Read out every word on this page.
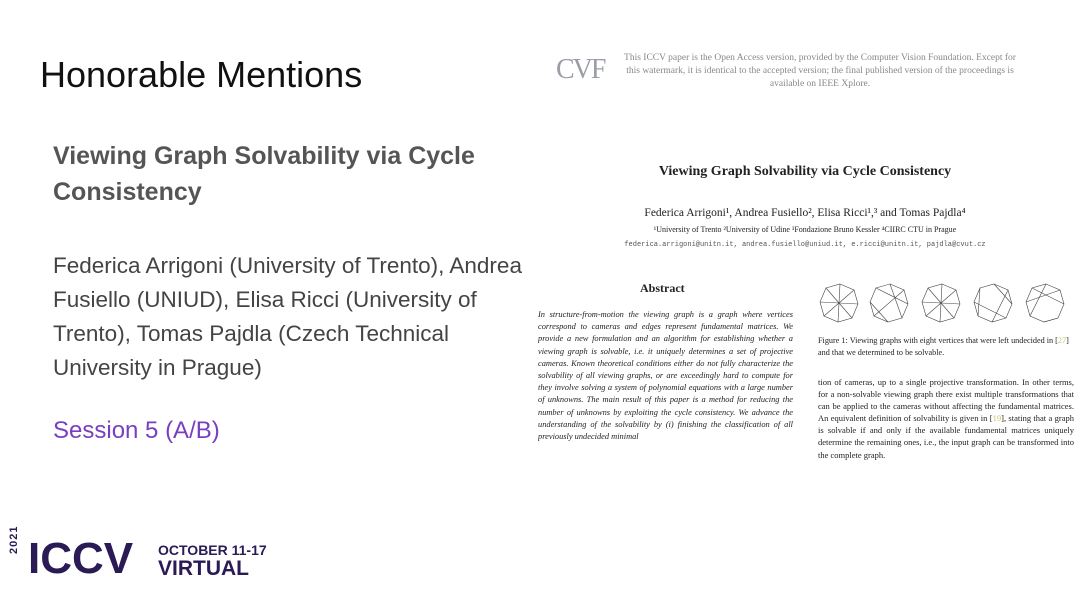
Honorable Mentions
Viewing Graph Solvability via Cycle Consistency
Federica Arrigoni (University of Trento), Andrea Fusiello (UNIUD), Elisa Ricci (University of Trento), Tomas Pajdla (Czech Technical University in Prague)
Session 5 (A/B)
2021 ICCV OCTOBER 11-17
VIRTUAL
CVF	This ICCV paper is the Open Access version, provided by the Computer Vision Foundation. Except for this watermark, it is identical to the accepted version; the final published version of the proceedings is available on IEEE Xplore.
Viewing Graph Solvability via Cycle Consistency
Federica Arrigoni¹, Andrea Fusiello², Elisa Ricci¹,³ and Tomas Pajdla⁴
¹University of Trento ²University of Udine ³Fondazione Bruno Kessler ⁴CIIRC CTU in Prague
federica.arrigoni@unitn.it, andrea.fusiello@uniud.it, e.ricci@unitn.it, pajdla@cvut.cz
Abstract
In structure-from-motion the viewing graph is a graph where vertices correspond to cameras and edges represent fundamental matrices. We provide a new formulation and an algorithm for establishing whether a viewing graph is solvable, i.e. it uniquely determines a set of projective cameras. Known theoretical conditions either do not fully characterize the solvability of all viewing graphs, or are exceedingly hard to compute for they involve solving a system of polynomial equations with a large number of unknowns. The main result of this paper is a method for reducing the number of unknowns by exploiting the cycle consistency. We advance the understanding of the solvability by (i) finishing the classification of all previously undecided minimal
Figure 1: Viewing graphs with eight vertices that were left undecided in [27] and that we determined to be solvable.
tion of cameras, up to a single projective transformation. In other terms, for a non-solvable viewing graph there exist multiple transformations that can be applied to the cameras without affecting the fundamental matrices. An equivalent definition of solvability is given in [19], stating that a graph is solvable if and only if the available fundamental matrices uniquely determine the remaining ones, i.e., the input graph can be transformed into the complete graph.
